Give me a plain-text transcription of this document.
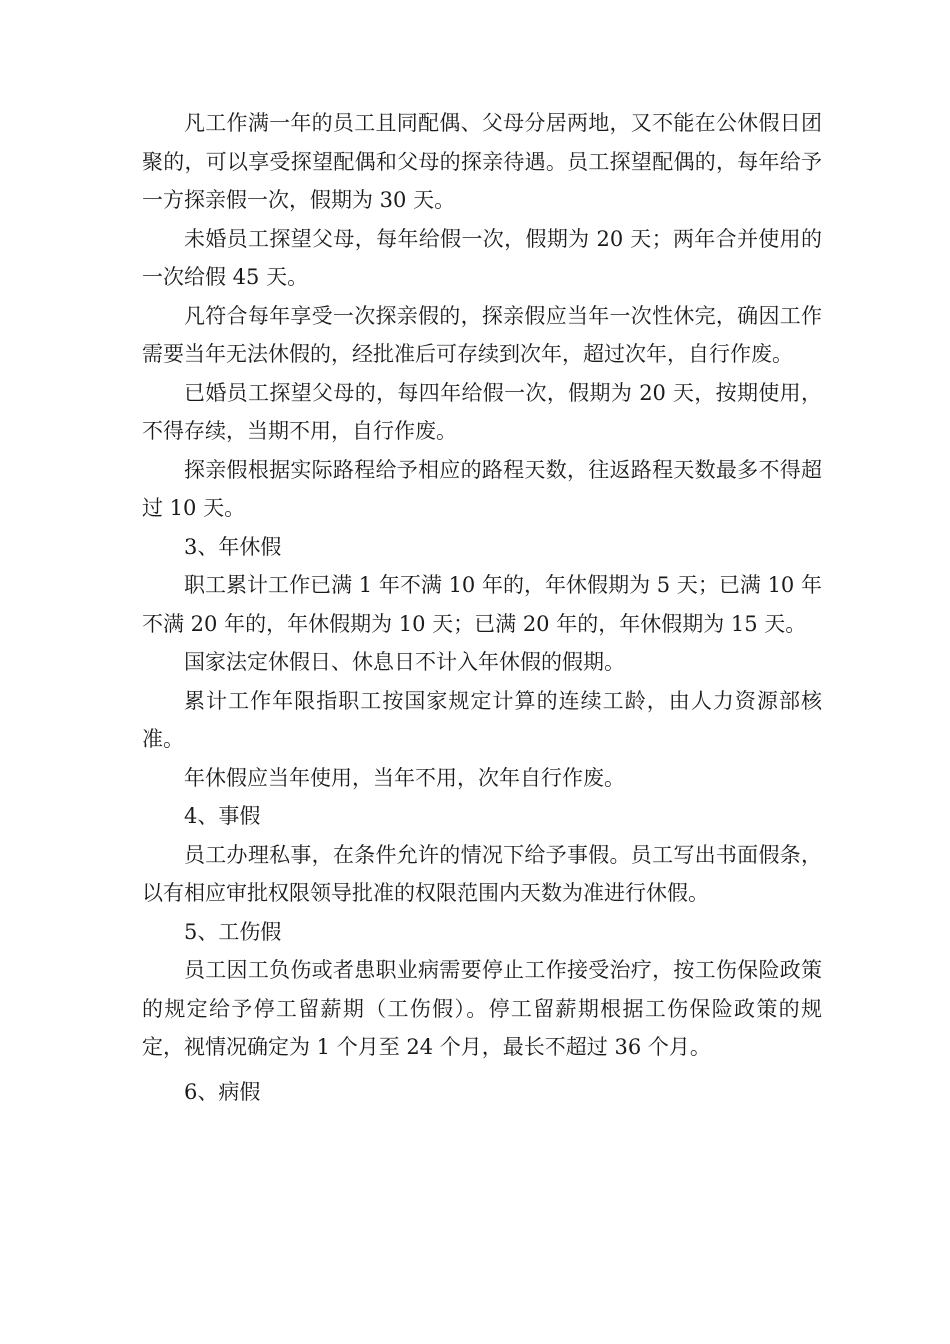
凡工作满一年的员工且同配偶、父母分居两地，又不能在公休假日团聚的，可以享受探望配偶和父母的探亲待遇。员工探望配偶的，每年给予一方探亲假一次，假期为 30 天。

未婚员工探望父母，每年给假一次，假期为 20 天；两年合并使用的一次给假 45 天。

凡符合每年享受一次探亲假的，探亲假应当年一次性休完，确因工作需要当年无法休假的，经批准后可存续到次年，超过次年，自行作废。

已婚员工探望父母的，每四年给假一次，假期为 20 天，按期使用，不得存续，当期不用，自行作废。

探亲假根据实际路程给予相应的路程天数，往返路程天数最多不得超过 10 天。

3、年休假

职工累计工作已满 1 年不满 10 年的，年休假期为 5 天；已满 10 年不满 20 年的，年休假期为 10 天；已满 20 年的，年休假期为 15 天。

国家法定休假日、休息日不计入年休假的假期。

累计工作年限指职工按国家规定计算的连续工龄，由人力资源部核准。

年休假应当年使用，当年不用，次年自行作废。

4、事假

员工办理私事，在条件允许的情况下给予事假。员工写出书面假条，以有相应审批权限领导批准的权限范围内天数为准进行休假。

5、工伤假

员工因工负伤或者患职业病需要停止工作接受治疗，按工伤保险政策的规定给予停工留薪期（工伤假）。停工留薪期根据工伤保险政策的规定，视情况确定为 1 个月至 24 个月，最长不超过 36 个月。

6、病假
